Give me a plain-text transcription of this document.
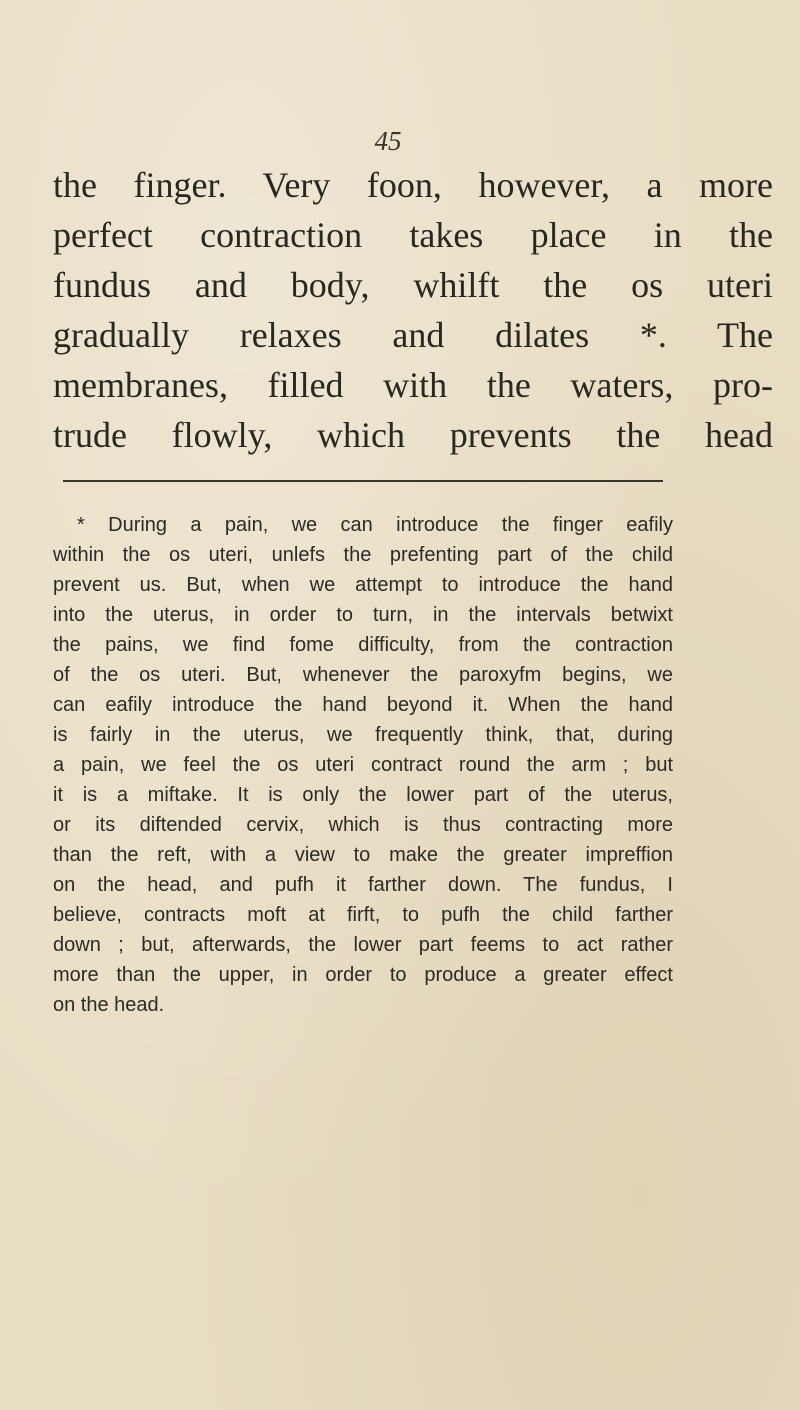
45
the finger. Very foon, however, a more
perfect contraction takes place in the
fundus and body, whilft the os uteri
gradually relaxes and dilates *. The
membranes, filled with the waters, pro-
trude flowly, which prevents the head
* During a pain, we can introduce the finger eafily
within the os uteri, unlefs the prefenting part of the child
prevent us. But, when we attempt to introduce the hand
into the uterus, in order to turn, in the intervals betwixt
the pains, we find fome difficulty, from the contraction
of the os uteri. But, whenever the paroxyfm begins, we
can eafily introduce the hand beyond it. When the hand
is fairly in the uterus, we frequently think, that, during
a pain, we feel the os uteri contract round the arm ; but
it is a miftake. It is only the lower part of the uterus,
or its diftended cervix, which is thus contracting more
than the reft, with a view to make the greater impreffion
on the head, and pufh it farther down. The fundus, I
believe, contracts moft at firft, to pufh the child farther
down ; but, afterwards, the lower part feems to act rather
more than the upper, in order to produce a greater effect
on the head.
